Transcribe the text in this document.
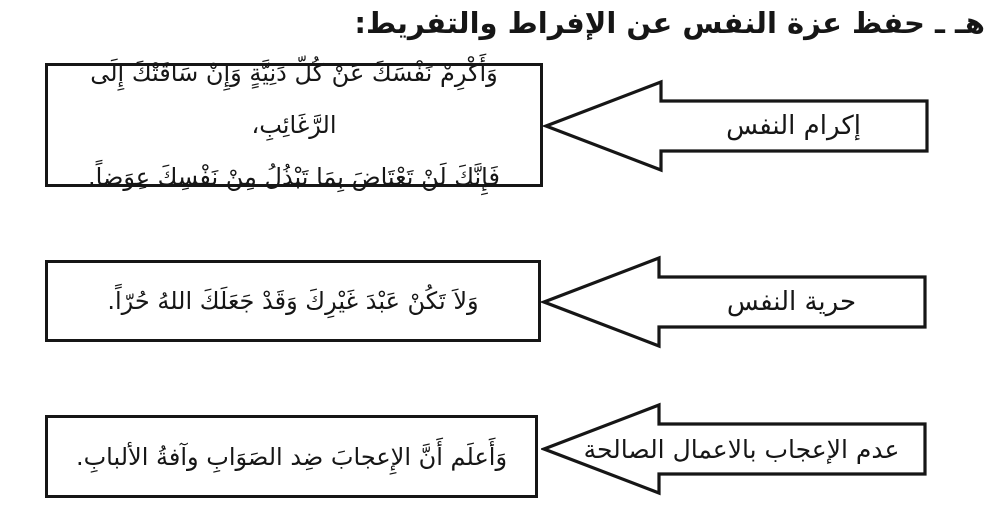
هـ ـ حفظ عزة النفس عن الإفراط والتفريط:

وَأَكْرِمْ نَفْسَكَ عَنْ كُلِّ دَنِيَّةٍ وَإِنْ سَاقَتْكَ إِلَى الرَّغَائِبِ،

فَإِنَّكَ لَنْ تَعْتَاضَ بِمَا تَبْذُلُ مِنْ نَفْسِكَ عِوَضاً.

إكرام النفس

وَلاَ تَكُنْ عَبْدَ غَيْرِكَ وَقَدْ جَعَلَكَ اللهُ حُرّاً.	حرية النفس

وَأَعلَم أَنَّ الإِعجابَ ضِد الصَوَابِ وآفةُ الألبابِ.	عدم الإعجاب بالاعمال الصالحة
